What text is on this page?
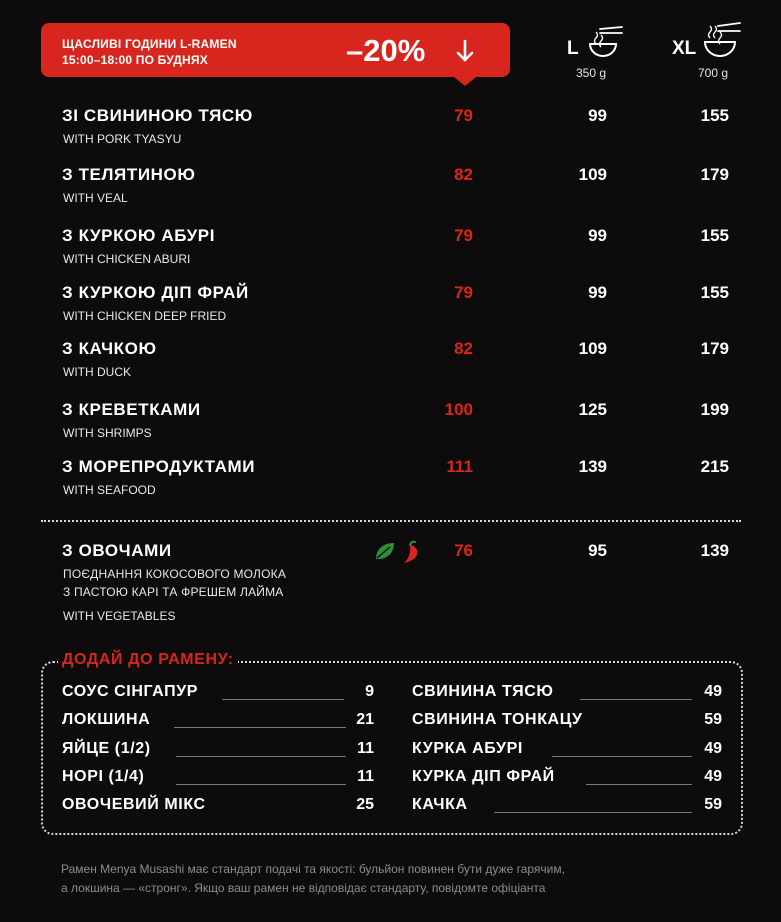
ЩАСЛИВІ ГОДИНИ L-RAMEN
15:00–18:00 ПО БУДНЯХ	–20%	L
350 g
XL
700 g
ЗІ СВИНИНОЮ ТЯСЮ
WITH PORK TYASYU
79	99	155
З ТЕЛЯТИНОЮ
WITH VEAL
82	109	179
З КУРКОЮ АБУРІ
WITH CHICKEN ABURI
79	99	155
З КУРКОЮ ДІП ФРАЙ
WITH CHICKEN DEEP FRIED
79	99	155
З КАЧКОЮ
WITH DUCK
82	109	179
З КРЕВЕТКАМИ
WITH SHRIMPS
100	125	199
З МОРЕПРОДУКТАМИ
WITH SEAFOOD
111	139	215
З ОВОЧАМИ
ПОЄДНАННЯ КОКОСОВОГО МОЛОКА
З ПАСТОЮ КАРІ ТА ФРЕШЕМ ЛАЙМА
WITH VEGETABLES
76	95	139
ДОДАЙ ДО РАМЕНУ:
СОУС СІНГАПУР	9
ЛОКШИНА	21
ЯЙЦЕ (1/2)	11
НОРІ (1/4)	11
ОВОЧЕВИЙ МІКС	25
СВИНИНА ТЯСЮ	49
СВИНИНА ТОНКАЦУ	59
КУРКА АБУРІ	49
КУРКА ДІП ФРАЙ	49
КАЧКА	59
Рамен Menya Musashi має стандарт подачі та якості: бульйон повинен бути дуже гарячим,
а локшина — «стронг». Якщо ваш рамен не відповідає стандарту, повідомте офіціанта
